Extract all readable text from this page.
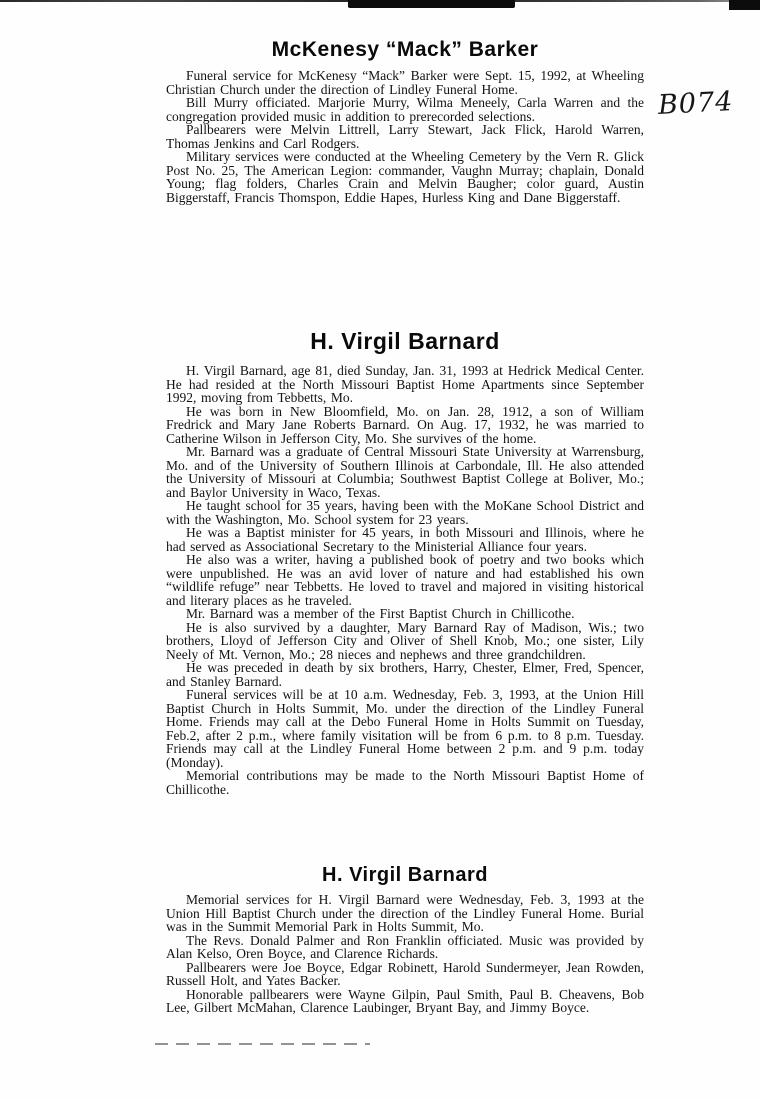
B074
McKenesy “Mack” Barker

Funeral service for McKenesy “Mack” Barker were Sept. 15, 1992, at Wheeling Christian Church under the direction of Lindley Funeral Home.

Bill Murry officiated. Marjorie Murry, Wilma Meneely, Carla Warren and the congregation provided music in addition to prerecorded selections.

Pallbearers were Melvin Littrell, Larry Stewart, Jack Flick, Harold Warren, Thomas Jenkins and Carl Rodgers.

Military services were conducted at the Wheeling Cemetery by the Vern R. Glick Post No. 25, The American Legion: commander, Vaughn Murray; chaplain, Donald Young; flag folders, Charles Crain and Melvin Baugher; color guard, Austin Biggerstaff, Francis Thomspon, Eddie Hapes, Hurless King and Dane Biggerstaff.

H. Virgil Barnard

H. Virgil Barnard, age 81, died Sunday, Jan. 31, 1993 at Hedrick Medical Center. He had resided at the North Missouri Baptist Home Apartments since September 1992, moving from Tebbetts, Mo.

He was born in New Bloomfield, Mo. on Jan. 28, 1912, a son of William Fredrick and Mary Jane Roberts Barnard. On Aug. 17, 1932, he was married to Catherine Wilson in Jefferson City, Mo. She survives of the home.

Mr. Barnard was a graduate of Central Missouri State University at Warrensburg, Mo. and of the University of Southern Illinois at Carbondale, Ill. He also attended the University of Missouri at Columbia; Southwest Baptist College at Boliver, Mo.; and Baylor University in Waco, Texas.

He taught school for 35 years, having been with the MoKane School District and with the Washington, Mo. School system for 23 years.

He was a Baptist minister for 45 years, in both Missouri and Illinois, where he had served as Associational Secretary to the Ministerial Alliance four years.

He also was a writer, having a published book of poetry and two books which were unpublished. He was an avid lover of nature and had established his own “wildlife refuge” near Tebbetts. He loved to travel and majored in visiting historical and literary places as he traveled.

Mr. Barnard was a member of the First Baptist Church in Chillicothe.

He is also survived by a daughter, Mary Barnard Ray of Madison, Wis.; two brothers, Lloyd of Jefferson City and Oliver of Shell Knob, Mo.; one sister, Lily Neely of Mt. Vernon, Mo.; 28 nieces and nephews and three grandchildren.

He was preceded in death by six brothers, Harry, Chester, Elmer, Fred, Spencer, and Stanley Barnard.

Funeral services will be at 10 a.m. Wednesday, Feb. 3, 1993, at the Union Hill Baptist Church in Holts Summit, Mo. under the direction of the Lindley Funeral Home. Friends may call at the Debo Funeral Home in Holts Summit on Tuesday, Feb.2, after 2 p.m., where family visitation will be from 6 p.m. to 8 p.m. Tuesday. Friends may call at the Lindley Funeral Home between 2 p.m. and 9 p.m. today (Monday).

Memorial contributions may be made to the North Missouri Baptist Home of Chillicothe.

H. Virgil Barnard

Memorial services for H. Virgil Barnard were Wednesday, Feb. 3, 1993 at the Union Hill Baptist Church under the direction of the Lindley Funeral Home. Burial was in the Summit Memorial Park in Holts Summit, Mo.

The Revs. Donald Palmer and Ron Franklin officiated. Music was provided by Alan Kelso, Oren Boyce, and Clarence Richards.

Pallbearers were Joe Boyce, Edgar Robinett, Harold Sundermeyer, Jean Rowden, Russell Holt, and Yates Backer.

Honorable pallbearers were Wayne Gilpin, Paul Smith, Paul B. Cheavens, Bob Lee, Gilbert McMahan, Clarence Laubinger, Bryant Bay, and Jimmy Boyce.
